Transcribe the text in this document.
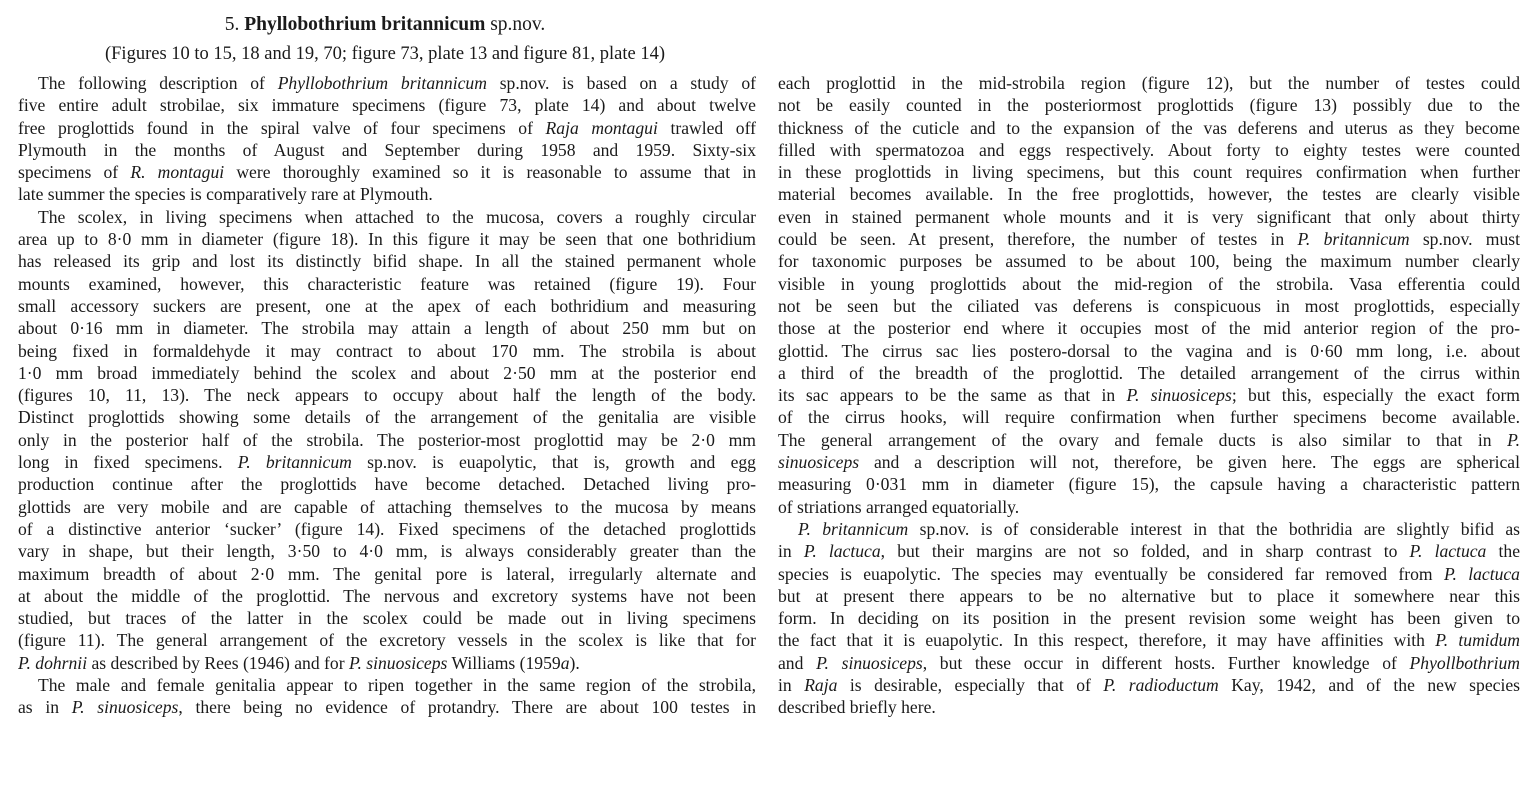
5. Phyllobothrium britannicum sp.nov.
(Figures 10 to 15, 18 and 19, 70; figure 73, plate 13 and figure 81, plate 14)
The following description of Phyllobothrium britannicum sp.nov. is based on a study of
five entire adult strobilae, six immature specimens (figure 73, plate 14) and about twelve
free proglottids found in the spiral valve of four specimens of Raja montagui trawled off
Plymouth in the months of August and September during 1958 and 1959. Sixty-six
specimens of R. montagui were thoroughly examined so it is reasonable to assume that in
late summer the species is comparatively rare at Plymouth.
The scolex, in living specimens when attached to the mucosa, covers a roughly circular
area up to 8·0 mm in diameter (figure 18). In this figure it may be seen that one bothridium
has released its grip and lost its distinctly bifid shape. In all the stained permanent whole
mounts examined, however, this characteristic feature was retained (figure 19). Four
small accessory suckers are present, one at the apex of each bothridium and measuring
about 0·16 mm in diameter. The strobila may attain a length of about 250 mm but on
being fixed in formaldehyde it may contract to about 170 mm. The strobila is about
1·0 mm broad immediately behind the scolex and about 2·50 mm at the posterior end
(figures 10, 11, 13). The neck appears to occupy about half the length of the body.
Distinct proglottids showing some details of the arrangement of the genitalia are visible
only in the posterior half of the strobila. The posterior-most proglottid may be 2·0 mm
long in fixed specimens. P. britannicum sp.nov. is euapolytic, that is, growth and egg
production continue after the proglottids have become detached. Detached living pro-
glottids are very mobile and are capable of attaching themselves to the mucosa by means
of a distinctive anterior ‘sucker’ (figure 14). Fixed specimens of the detached proglottids
vary in shape, but their length, 3·50 to 4·0 mm, is always considerably greater than the
maximum breadth of about 2·0 mm. The genital pore is lateral, irregularly alternate and
at about the middle of the proglottid. The nervous and excretory systems have not been
studied, but traces of the latter in the scolex could be made out in living specimens
(figure 11). The general arrangement of the excretory vessels in the scolex is like that for
P. dohrnii as described by Rees (1946) and for P. sinuosiceps Williams (1959a).
The male and female genitalia appear to ripen together in the same region of the strobila,
as in P. sinuosiceps, there being no evidence of protandry. There are about 100 testes in
each proglottid in the mid-strobila region (figure 12), but the number of testes could
not be easily counted in the posteriormost proglottids (figure 13) possibly due to the
thickness of the cuticle and to the expansion of the vas deferens and uterus as they become
filled with spermatozoa and eggs respectively. About forty to eighty testes were counted
in these proglottids in living specimens, but this count requires confirmation when further
material becomes available. In the free proglottids, however, the testes are clearly visible
even in stained permanent whole mounts and it is very significant that only about thirty
could be seen. At present, therefore, the number of testes in P. britannicum sp.nov. must
for taxonomic purposes be assumed to be about 100, being the maximum number clearly
visible in young proglottids about the mid-region of the strobila. Vasa efferentia could
not be seen but the ciliated vas deferens is conspicuous in most proglottids, especially
those at the posterior end where it occupies most of the mid anterior region of the pro-
glottid. The cirrus sac lies postero-dorsal to the vagina and is 0·60 mm long, i.e. about
a third of the breadth of the proglottid. The detailed arrangement of the cirrus within
its sac appears to be the same as that in P. sinuosiceps; but this, especially the exact form
of the cirrus hooks, will require confirmation when further specimens become available.
The general arrangement of the ovary and female ducts is also similar to that in P.
sinuosiceps and a description will not, therefore, be given here. The eggs are spherical
measuring 0·031 mm in diameter (figure 15), the capsule having a characteristic pattern
of striations arranged equatorially.
P. britannicum sp.nov. is of considerable interest in that the bothridia are slightly bifid as
in P. lactuca, but their margins are not so folded, and in sharp contrast to P. lactuca the
species is euapolytic. The species may eventually be considered far removed from P. lactuca
but at present there appears to be no alternative but to place it somewhere near this
form. In deciding on its position in the present revision some weight has been given to
the fact that it is euapolytic. In this respect, therefore, it may have affinities with P. tumidum
and P. sinuosiceps, but these occur in different hosts. Further knowledge of Phyollbothrium
in Raja is desirable, especially that of P. radioductum Kay, 1942, and of the new species
described briefly here.
